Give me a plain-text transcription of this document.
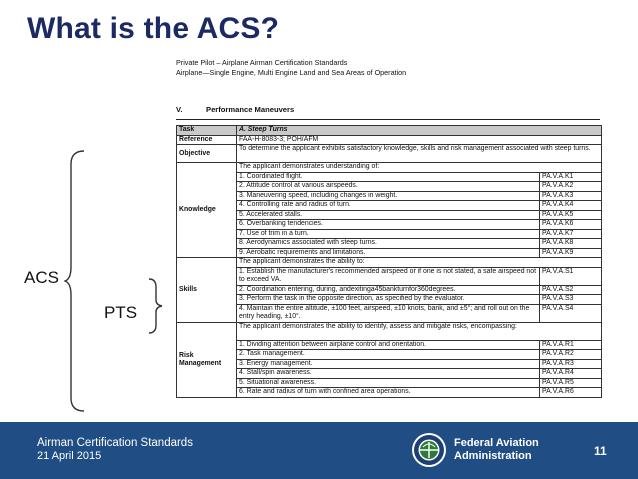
What is the ACS?
Private Pilot – Airplane Airman Certification Standards
Airplane—Single Engine, Multi Engine Land and Sea Areas of Operation
V.	Performance Maneuvers
Task	A. Steep Turns	
Reference	FAA-H-8083-3; POH/AFM	
Objective	To determine the applicant exhibits satisfactory knowledge, skills and risk management associated with steep turns.	
Knowledge	The applicant demonstrates understanding of:	
	1. Coordinated flight.	PA.V.A.K1
	2. Attitude control at various airspeeds.	PA.V.A.K2
	3. Maneuvering speed, including changes in weight.	PA.V.A.K3
	4. Controlling rate and radius of turn.	PA.V.A.K4
	5. Accelerated stalls.	PA.V.A.K5
	6. Overbanking tendencies.	PA.V.A.K6
	7. Use of trim in a turn.	PA.V.A.K7
	8. Aerodynamics associated with steep turns.	PA.V.A.K8
	9. Aerobatic requirements and limitations.	PA.V.A.K9
Skills	The applicant demonstrates the ability to:	
	1. Establish the manufacturer's recommended airspeed or if one is not stated, a safe airspeed not to exceed VA.	PA.V.A.S1
	2. Coordination entering, during, andexitinga45bankturnfor360degrees.	PA.V.A.S2
	3. Perform the task in the opposite direction, as specified by the evaluator.	PA.V.A.S3
	4. Maintain the entire altitude, ±100 feet, airspeed, ±10 knots, bank, and ±5°; and roll out on the entry heading, ±10°.	PA.V.A.S4
Risk Management	The applicant demonstrates the ability to identify, assess and mitigate risks, encompassing:	
	1. Dividing attention between airplane control and orientation.	PA.V.A.R1
	2. Task management.	PA.V.A.R2
	3. Energy management.	PA.V.A.R3
	4. Stall/spin awareness.	PA.V.A.R4
	5. Situational awareness.	PA.V.A.R5
	6. Rate and radius of turn with confined area operations.	PA.V.A.R6
ACS
PTS
Airman Certification Standards
21 April 2015
Federal Aviation
Administration	11
